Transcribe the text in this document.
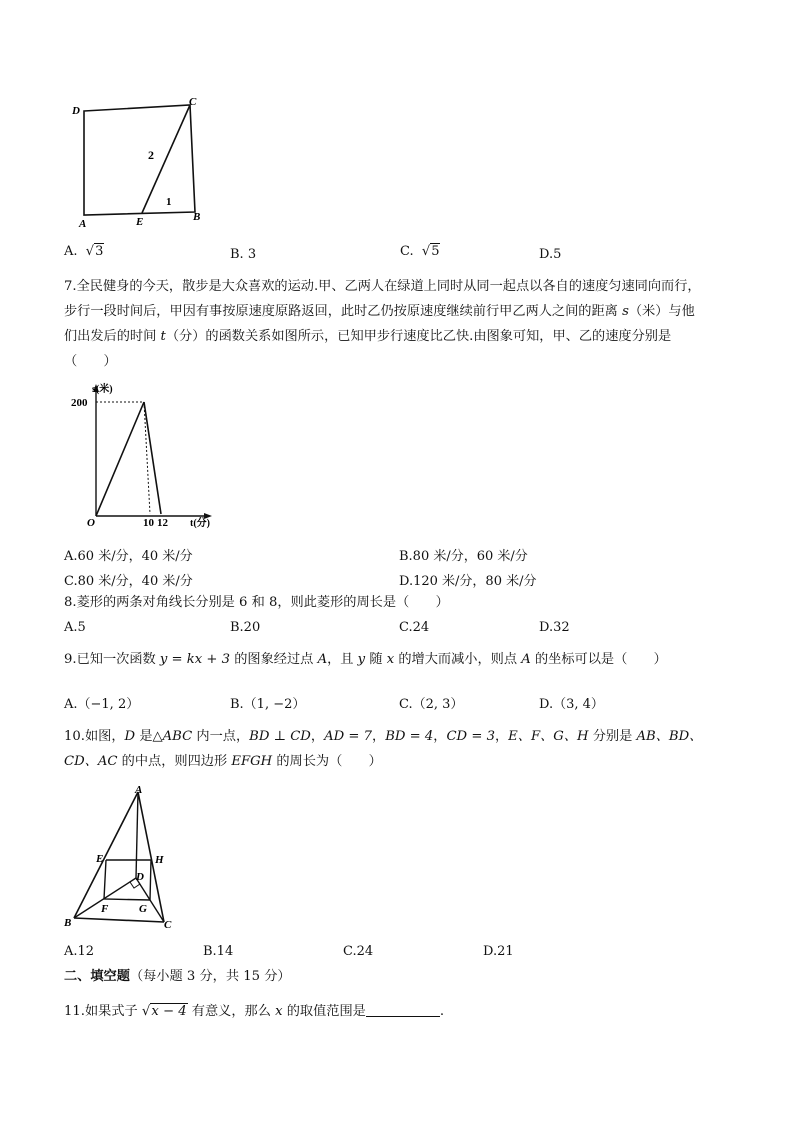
D
C
A	E	B
2
1
A. √3	B. 3	C. √5	D.5
7.全民健身的今天，散步是大众喜欢的运动.甲、乙两人在绿道上同时从同一起点以各自的速度匀速同向而行，
步行一段时间后，甲因有事按原速度原路返回，此时乙仍按原速度继续前行甲乙两人之间的距离 s（米）与他
们出发后的时间 t（分）的函数关系如图所示，已知甲步行速度比乙快.由图象可知，甲、乙的速度分别是
（　　）
s(米)
200
O	10 12 t(分)
A.60 米/分，40 米/分	B.80 米/分，60 米/分
C.80 米/分，40 米/分	D.120 米/分，80 米/分
8.菱形的两条对角线长分别是 6 和 8，则此菱形的周长是（　　）
A.5	B.20	C.24	D.32
9.已知一次函数 y = kx + 3 的图象经过点 A，且 y 随 x 的增大而减小，则点 A 的坐标可以是（　　）
A.（−1, 2）	B.（1, −2）	C.（2, 3）	D.（3, 4）
10.如图，D 是△ABC 内一点，BD ⊥ CD，AD = 7，BD = 4，CD = 3，E、F、G、H 分别是 AB、BD、
CD、AC 的中点，则四边形 EFGH 的周长为（　　）
A
E	H
D
F	G
B	C
A.12	B.14	C.24	D.21
二、填空题（每小题 3 分，共 15 分）
11.如果式子 √x − 4 有意义，那么 x 的取值范围是	.
